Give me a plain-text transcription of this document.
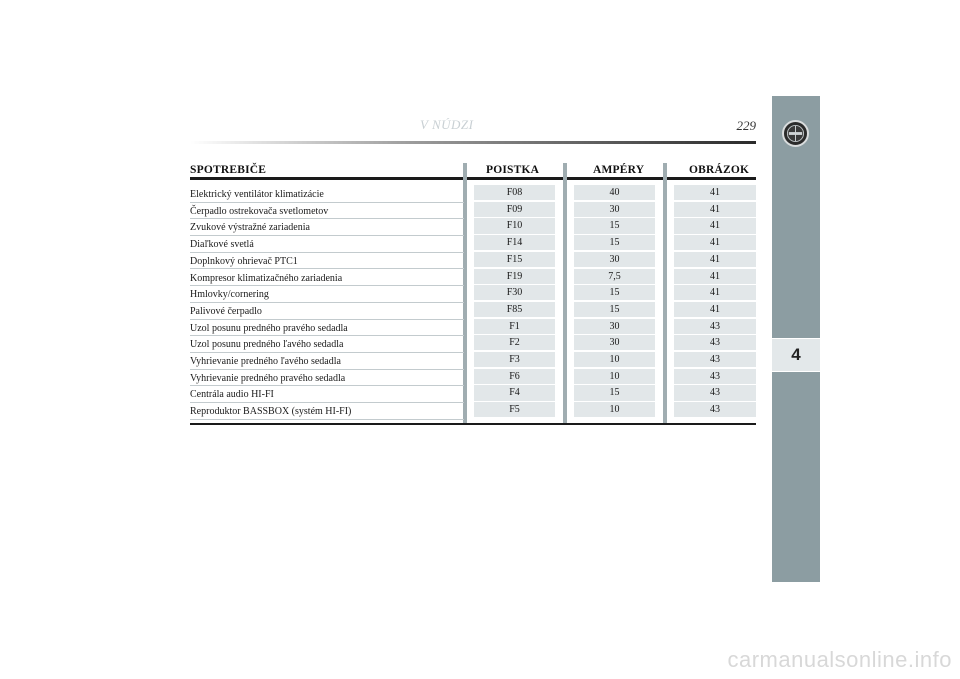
V NÚDZI	229
4
SPOTREBIČE	POISTKA	AMPÉRY	OBRÁZOK
Elektrický ventilátor klimatizácie	F08	40	41
Čerpadlo ostrekovača svetlometov	F09	30	41
Zvukové výstražné zariadenia	F10	15	41
Diaľkové svetlá	F14	15	41
Doplnkový ohrievač PTC1	F15	30	41
Kompresor klimatizačného zariadenia	F19	7,5	41
Hmlovky/cornering	F30	15	41
Palivové čerpadlo	F85	15	41
Uzol posunu predného pravého sedadla	F1	30	43
Uzol posunu predného ľavého sedadla	F2	30	43
Vyhrievanie predného ľavého sedadla	F3	10	43
Vyhrievanie predného pravého sedadla	F6	10	43
Centrála audio HI-FI	F4	15	43
Reproduktor BASSBOX (systém HI-FI)	F5	10	43
carmanualsonline.info
